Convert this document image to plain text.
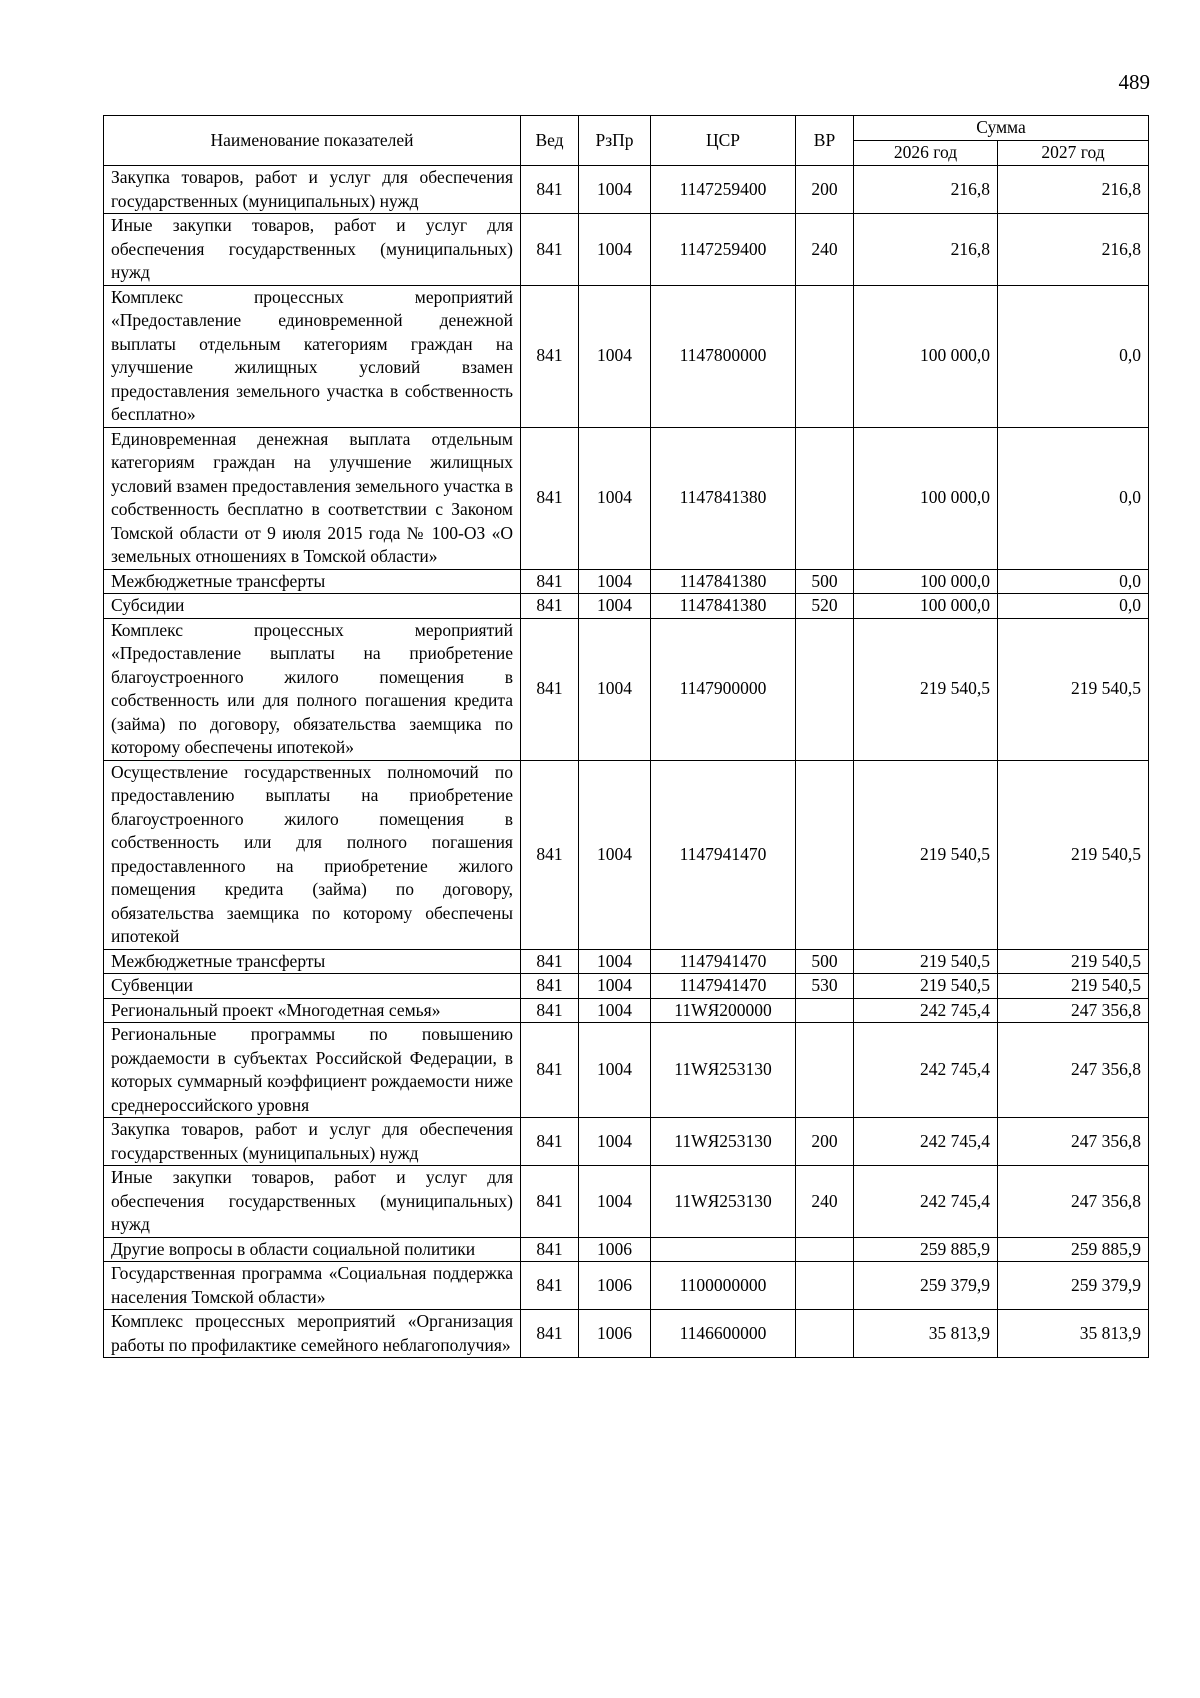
489
Наименование показателей	Вед	РзПр	ЦСР	ВР	Сумма	
					2026 год	2027 год
Закупка товаров, работ и услуг для обеспечения государственных (муниципальных) нужд	841	1004	1147259400	200	216,8	216,8
Иные закупки товаров, работ и услуг для обеспечения государственных (муниципальных) нужд	841	1004	1147259400	240	216,8	216,8
Комплекс процессных мероприятий «Предоставление единовременной денежной выплаты отдельным категориям граждан на улучшение жилищных условий взамен предоставления земельного участка в собственность бесплатно»	841	1004	1147800000		100 000,0	0,0
Единовременная денежная выплата отдельным категориям граждан на улучшение жилищных условий взамен предоставления земельного участка в собственность бесплатно в соответствии с Законом Томской области от 9 июля 2015 года № 100-ОЗ «О земельных отношениях в Томской области»	841	1004	1147841380		100 000,0	0,0
Межбюджетные трансферты	841	1004	1147841380	500	100 000,0	0,0
Субсидии	841	1004	1147841380	520	100 000,0	0,0
Комплекс процессных мероприятий «Предоставление выплаты на приобретение благоустроенного жилого помещения в собственность или для полного погашения кредита (займа) по договору, обязательства заемщика по которому обеспечены ипотекой»	841	1004	1147900000		219 540,5	219 540,5
Осуществление государственных полномочий по предоставлению выплаты на приобретение благоустроенного жилого помещения в собственность или для полного погашения предоставленного на приобретение жилого помещения кредита (займа) по договору, обязательства заемщика по которому обеспечены ипотекой	841	1004	1147941470		219 540,5	219 540,5
Межбюджетные трансферты	841	1004	1147941470	500	219 540,5	219 540,5
Субвенции	841	1004	1147941470	530	219 540,5	219 540,5
Региональный проект «Многодетная семья»	841	1004	11WЯ200000		242 745,4	247 356,8
Региональные программы по повышению рождаемости в субъектах Российской Федерации, в которых суммарный коэффициент рождаемости ниже среднероссийского уровня	841	1004	11WЯ253130		242 745,4	247 356,8
Закупка товаров, работ и услуг для обеспечения государственных (муниципальных) нужд	841	1004	11WЯ253130	200	242 745,4	247 356,8
Иные закупки товаров, работ и услуг для обеспечения государственных (муниципальных) нужд	841	1004	11WЯ253130	240	242 745,4	247 356,8
Другие вопросы в области социальной политики	841	1006			259 885,9	259 885,9
Государственная программа «Социальная поддержка населения Томской области»	841	1006	1100000000		259 379,9	259 379,9
Комплекс процессных мероприятий «Организация работы по профилактике семейного неблагополучия»	841	1006	1146600000		35 813,9	35 813,9
